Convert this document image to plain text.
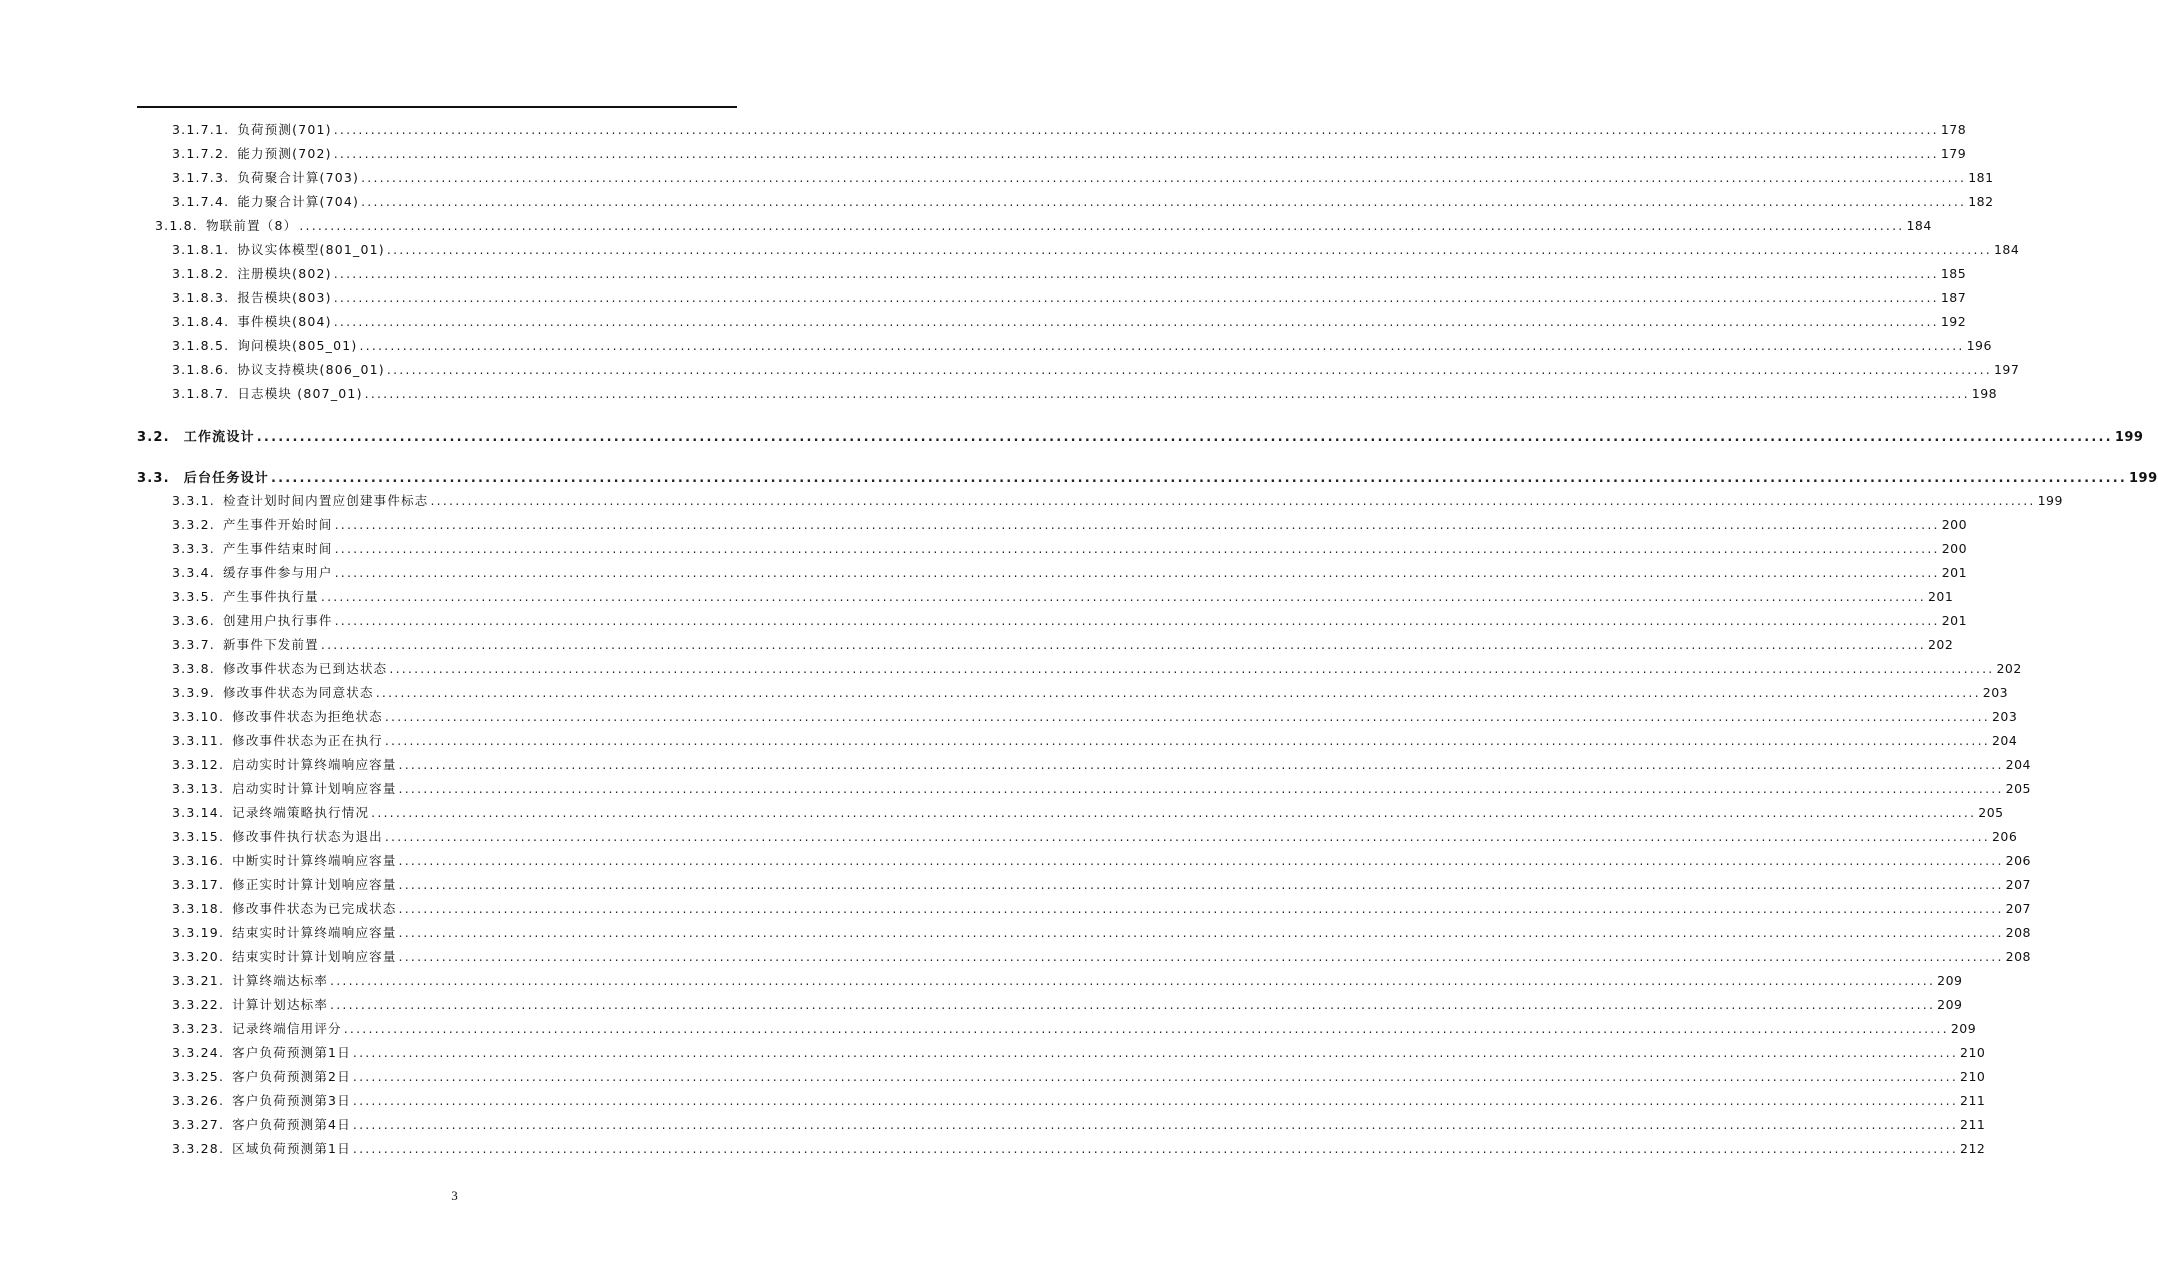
3.1.7.1. 负荷预测(701) .................................................................................................................................................................................................................................................................... 178
3.1.7.2. 能力预测(702) .................................................................................................................................................................................................................................................................... 179
3.1.7.3. 负荷聚合计算(703) .................................................................................................................................................................................................................................................................... 181
3.1.7.4. 能力聚合计算(704) .................................................................................................................................................................................................................................................................... 182
3.1.8. 物联前置（8） .................................................................................................................................................................................................................................................................... 184
3.1.8.1. 协议实体模型(801_01) .................................................................................................................................................................................................................................................................... 184
3.1.8.2. 注册模块(802) .................................................................................................................................................................................................................................................................... 185
3.1.8.3. 报告模块(803) .................................................................................................................................................................................................................................................................... 187
3.1.8.4. 事件模块(804) .................................................................................................................................................................................................................................................................... 192
3.1.8.5. 询问模块(805_01) .................................................................................................................................................................................................................................................................... 196
3.1.8.6. 协议支持模块(806_01) .................................................................................................................................................................................................................................................................... 197
3.1.8.7. 日志模块 (807_01) .................................................................................................................................................................................................................................................................... 198
3.2. 工作流设计 .................................................................................................................................................................................................................................................................... 199
3.3. 后台任务设计 .................................................................................................................................................................................................................................................................... 199
3.3.1. 检查计划时间内置应创建事件标志 .................................................................................................................................................................................................................................................................... 199
3.3.2. 产生事件开始时间 .................................................................................................................................................................................................................................................................... 200
3.3.3. 产生事件结束时间 .................................................................................................................................................................................................................................................................... 200
3.3.4. 缓存事件参与用户 .................................................................................................................................................................................................................................................................... 201
3.3.5. 产生事件执行量 .................................................................................................................................................................................................................................................................... 201
3.3.6. 创建用户执行事件 .................................................................................................................................................................................................................................................................... 201
3.3.7. 新事件下发前置 .................................................................................................................................................................................................................................................................... 202
3.3.8. 修改事件状态为已到达状态 .................................................................................................................................................................................................................................................................... 202
3.3.9. 修改事件状态为同意状态 .................................................................................................................................................................................................................................................................... 203
3.3.10. 修改事件状态为拒绝状态 .................................................................................................................................................................................................................................................................... 203
3.3.11. 修改事件状态为正在执行 .................................................................................................................................................................................................................................................................... 204
3.3.12. 启动实时计算终端响应容量 .................................................................................................................................................................................................................................................................... 204
3.3.13. 启动实时计算计划响应容量 .................................................................................................................................................................................................................................................................... 205
3.3.14. 记录终端策略执行情况 .................................................................................................................................................................................................................................................................... 205
3.3.15. 修改事件执行状态为退出 .................................................................................................................................................................................................................................................................... 206
3.3.16. 中断实时计算终端响应容量 .................................................................................................................................................................................................................................................................... 206
3.3.17. 修正实时计算计划响应容量 .................................................................................................................................................................................................................................................................... 207
3.3.18. 修改事件状态为已完成状态 .................................................................................................................................................................................................................................................................... 207
3.3.19. 结束实时计算终端响应容量 .................................................................................................................................................................................................................................................................... 208
3.3.20. 结束实时计算计划响应容量 .................................................................................................................................................................................................................................................................... 208
3.3.21. 计算终端达标率 .................................................................................................................................................................................................................................................................... 209
3.3.22. 计算计划达标率 .................................................................................................................................................................................................................................................................... 209
3.3.23. 记录终端信用评分 .................................................................................................................................................................................................................................................................... 209
3.3.24. 客户负荷预测第1日 .................................................................................................................................................................................................................................................................... 210
3.3.25. 客户负荷预测第2日 .................................................................................................................................................................................................................................................................... 210
3.3.26. 客户负荷预测第3日 .................................................................................................................................................................................................................................................................... 211
3.3.27. 客户负荷预测第4日 .................................................................................................................................................................................................................................................................... 211
3.3.28. 区域负荷预测第1日 .................................................................................................................................................................................................................................................................... 212
3
